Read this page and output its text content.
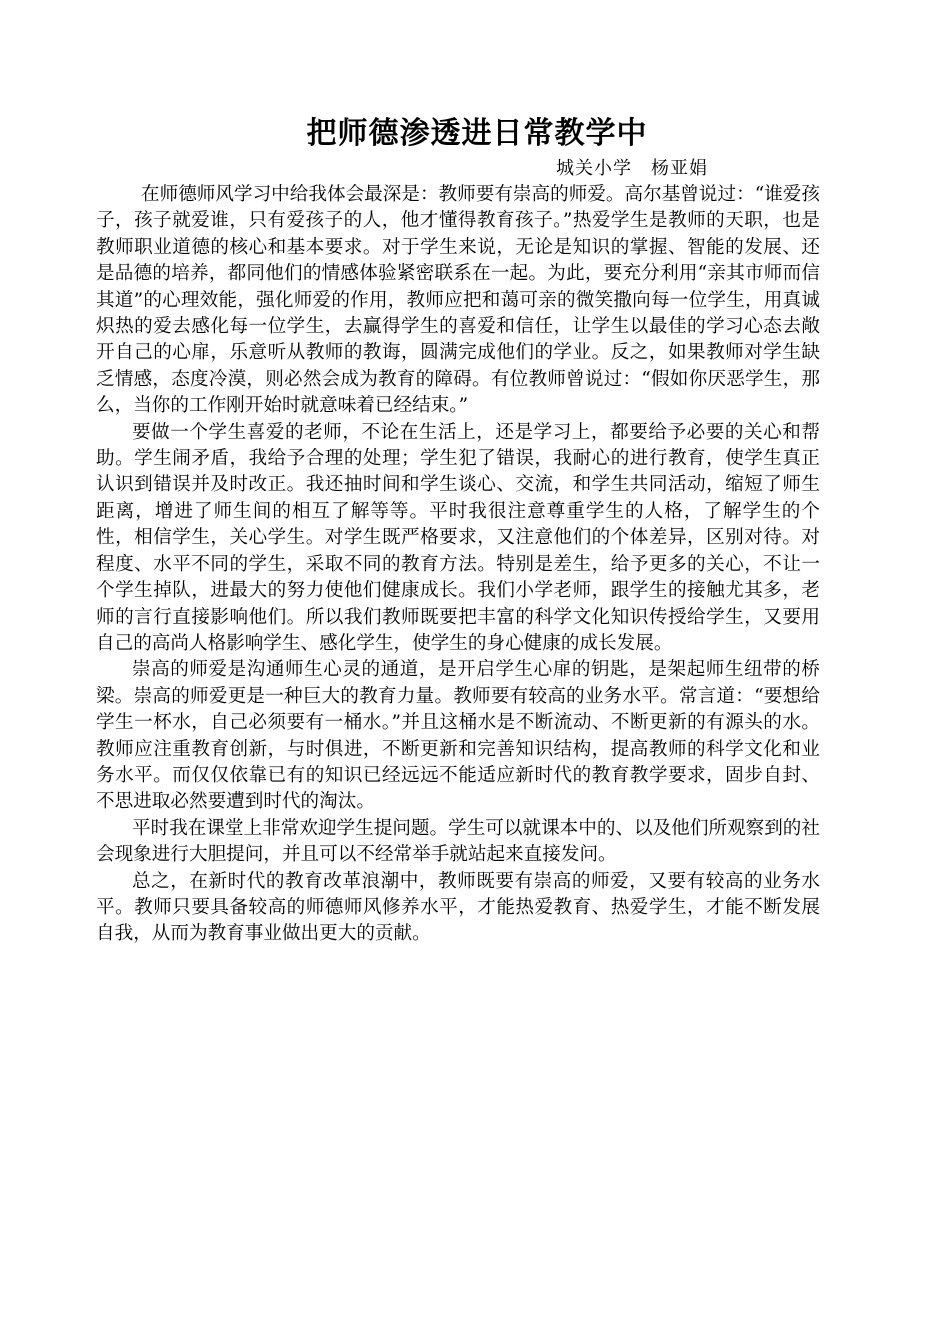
把师德渗透进日常教学中

城关小学　杨亚娟

在师德师风学习中给我体会最深是：教师要有崇高的师爱。高尔基曾说过：“谁爱孩子，孩子就爱谁，只有爱孩子的人，他才懂得教育孩子。”热爱学生是教师的天职，也是教师职业道德的核心和基本要求。对于学生来说，无论是知识的掌握、智能的发展、还是品德的培养，都同他们的情感体验紧密联系在一起。为此，要充分利用“亲其市师而信其道”的心理效能，强化师爱的作用，教师应把和蔼可亲的微笑撒向每一位学生，用真诚炽热的爱去感化每一位学生，去赢得学生的喜爱和信任，让学生以最佳的学习心态去敞开自己的心扉，乐意听从教师的教诲，圆满完成他们的学业。反之，如果教师对学生缺乏情感，态度冷漠，则必然会成为教育的障碍。有位教师曾说过：“假如你厌恶学生，那么，当你的工作刚开始时就意味着已经结束。”

要做一个学生喜爱的老师，不论在生活上，还是学习上，都要给予必要的关心和帮助。学生闹矛盾，我给予合理的处理；学生犯了错误，我耐心的进行教育，使学生真正认识到错误并及时改正。我还抽时间和学生谈心、交流，和学生共同活动，缩短了师生距离，增进了师生间的相互了解等等。平时我很注意尊重学生的人格，了解学生的个性，相信学生，关心学生。对学生既严格要求，又注意他们的个体差异，区别对待。对程度、水平不同的学生，采取不同的教育方法。特别是差生，给予更多的关心，不让一个学生掉队，进最大的努力使他们健康成长。我们小学老师，跟学生的接触尤其多，老师的言行直接影响他们。所以我们教师既要把丰富的科学文化知识传授给学生，又要用自己的高尚人格影响学生、感化学生，使学生的身心健康的成长发展。

崇高的师爱是沟通师生心灵的通道，是开启学生心扉的钥匙，是架起师生纽带的桥梁。崇高的师爱更是一种巨大的教育力量。教师要有较高的业务水平。常言道：“要想给学生一杯水，自己必须要有一桶水。”并且这桶水是不断流动、不断更新的有源头的水。教师应注重教育创新，与时俱进，不断更新和完善知识结构，提高教师的科学文化和业务水平。而仅仅依靠已有的知识已经远远不能适应新时代的教育教学要求，固步自封、不思进取必然要遭到时代的淘汰。

平时我在课堂上非常欢迎学生提问题。学生可以就课本中的、以及他们所观察到的社会现象进行大胆提问，并且可以不经常举手就站起来直接发问。

总之，在新时代的教育改革浪潮中，教师既要有崇高的师爱，又要有较高的业务水平。教师只要具备较高的师德师风修养水平，才能热爱教育、热爱学生，才能不断发展自我，从而为教育事业做出更大的贡献。
